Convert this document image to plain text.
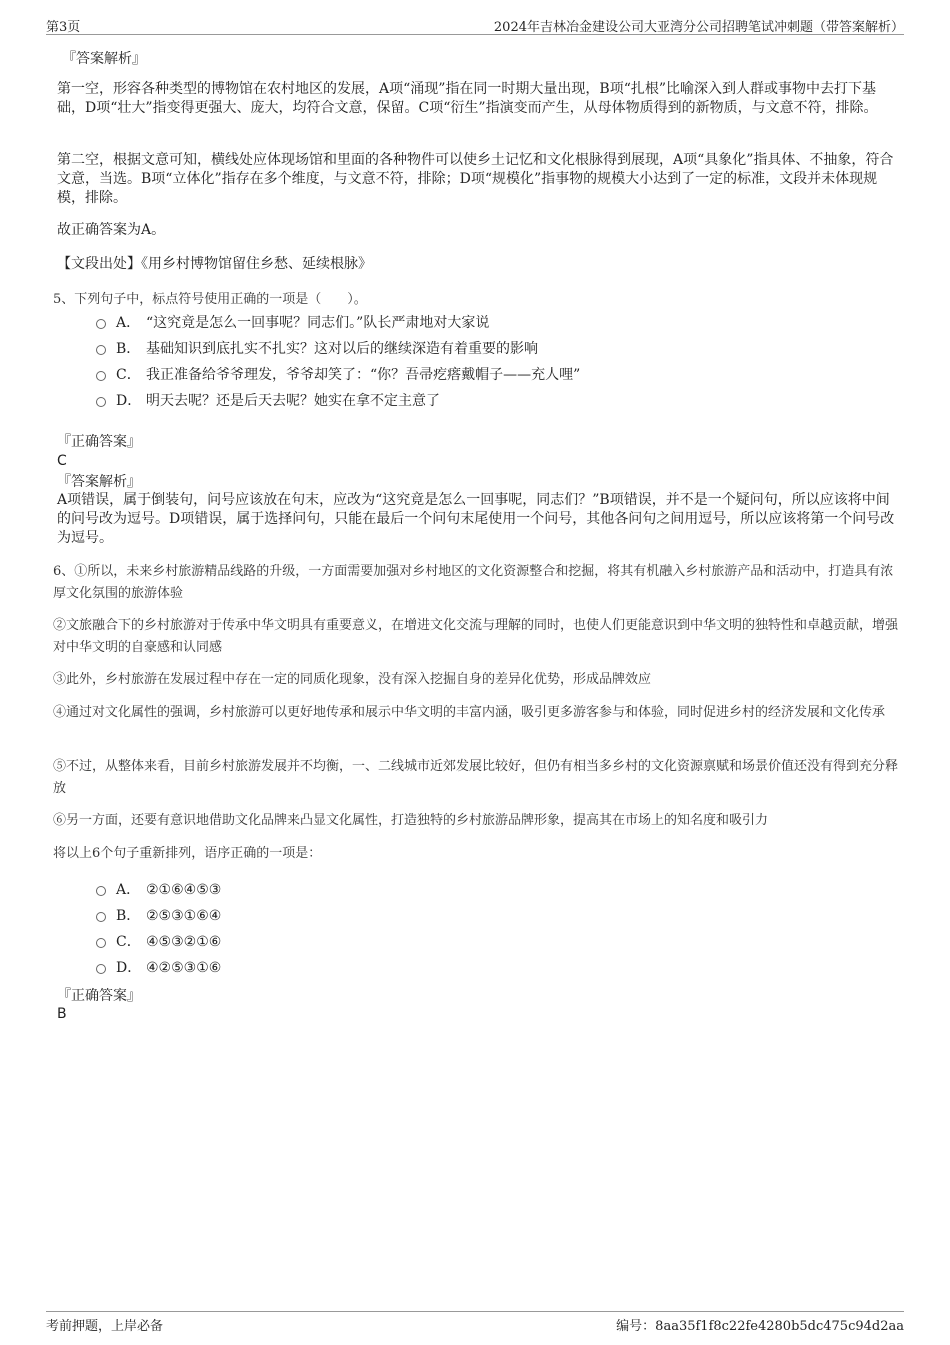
第3页	2024年吉林冶金建设公司大亚湾分公司招聘笔试冲刺题（带答案解析）
『答案解析』
第一空，形容各种类型的博物馆在农村地区的发展，A项“涌现”指在同一时期大量出现，B项“扎根”比喻深入到人群或事物中去打下基础，D项“壮大”指变得更强大、庞大，均符合文意，保留。C项“衍生”指演变而产生，从母体物质得到的新物质，与文意不符，排除。
第二空，根据文意可知，横线处应体现场馆和里面的各种物件可以使乡土记忆和文化根脉得到展现，A项“具象化”指具体、不抽象，符合文意，当选。B项“立体化”指存在多个维度，与文意不符，排除；D项“规模化”指事物的规模大小达到了一定的标准，文段并未体现规模，排除。
故正确答案为A。
【文段出处】《用乡村博物馆留住乡愁、延续根脉》
5、下列句子中，标点符号使用正确的一项是（　　）。
A． “这究竟是怎么一回事呢？同志们。”队长严肃地对大家说
B． 基础知识到底扎实不扎实？这对以后的继续深造有着重要的影响
C． 我正准备给爷爷理发，爷爷却笑了：“你？吾帚疙瘩戴帽子——充人哩”
D． 明天去呢？还是后天去呢？她实在拿不定主意了
『正确答案』
C
『答案解析』
A项错误，属于倒装句，问号应该放在句末，应改为“这究竟是怎么一回事呢，同志们？”B项错误，并不是一个疑问句，所以应该将中间的问号改为逗号。D项错误，属于选择问句，只能在最后一个问句末尾使用一个问号，其他各问句之间用逗号，所以应该将第一个问号改为逗号。
6、①所以，未来乡村旅游精品线路的升级，一方面需要加强对乡村地区的文化资源整合和挖掘，将其有机融入乡村旅游产品和活动中，打造具有浓厚文化氛围的旅游体验
②文旅融合下的乡村旅游对于传承中华文明具有重要意义，在增进文化交流与理解的同时，也使人们更能意识到中华文明的独特性和卓越贡献，增强对中华文明的自豪感和认同感
③此外，乡村旅游在发展过程中存在一定的同质化现象，没有深入挖掘自身的差异化优势，形成品牌效应
④通过对文化属性的强调，乡村旅游可以更好地传承和展示中华文明的丰富内涵，吸引更多游客参与和体验，同时促进乡村的经济发展和文化传承
⑤不过，从整体来看，目前乡村旅游发展并不均衡，一、二线城市近郊发展比较好，但仍有相当多乡村的文化资源禀赋和场景价值还没有得到充分释放
⑥另一方面，还要有意识地借助文化品牌来凸显文化属性，打造独特的乡村旅游品牌形象，提高其在市场上的知名度和吸引力
将以上6个句子重新排列，语序正确的一项是：
A． ②①⑥④⑤③
B． ②⑤③①⑥④
C． ④⑤③②①⑥
D． ④②⑤③①⑥
『正确答案』
B
考前押题，上岸必备	编号：8aa35f1f8c22fe4280b5dc475c94d2aa
